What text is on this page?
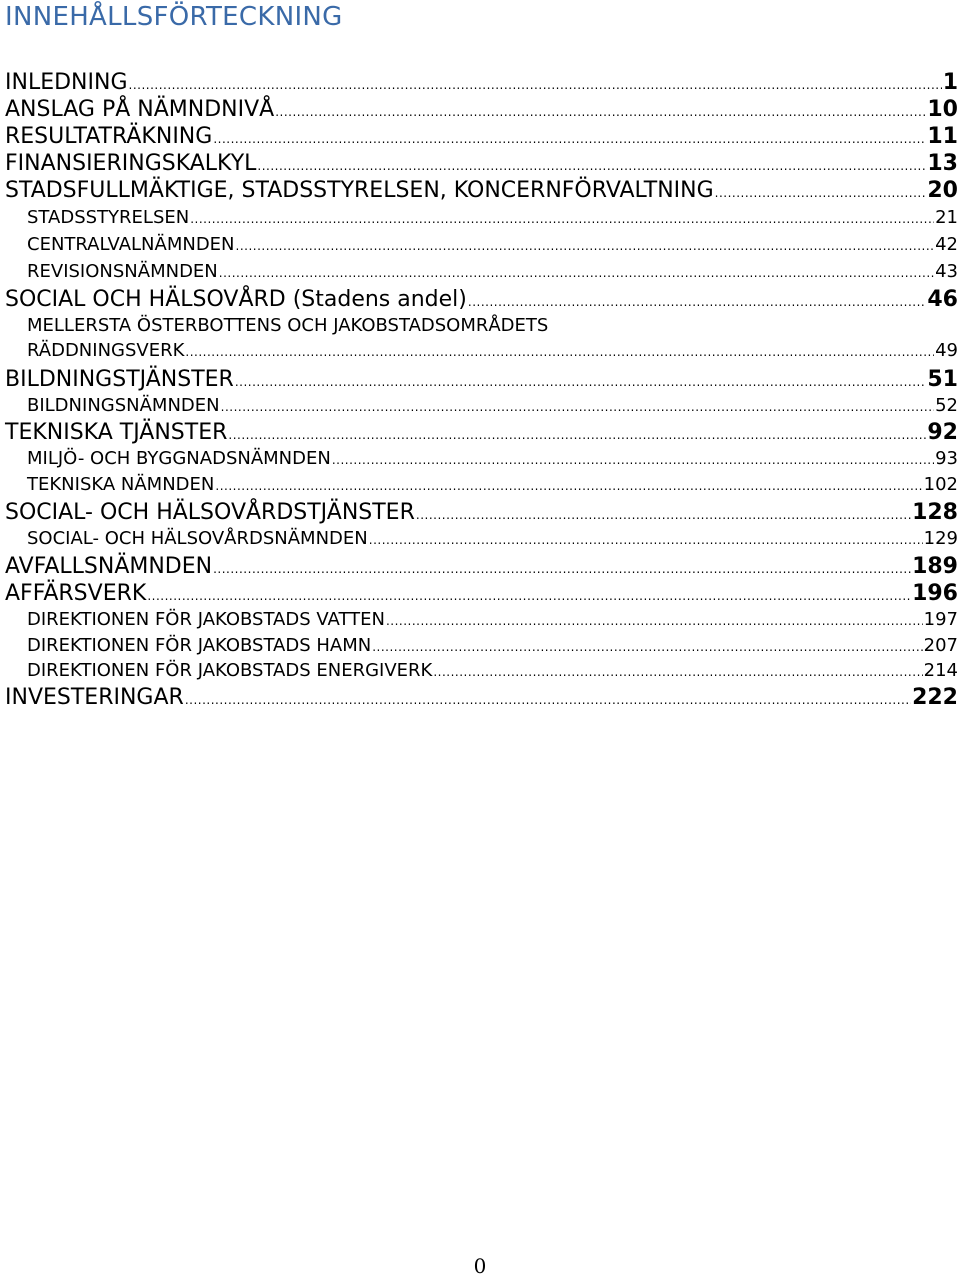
INNEHÅLLSFÖRTECKNING
INLEDNING .....	1
ANSLAG PÅ NÄMNDNIVÅ .....	10
RESULTATRÄKNING .....	11
FINANSIERINGSKALKYL .....	13
STADSFULLMÄKTIGE, STADSSTYRELSEN, KONCERNFÖRVALTNING .....	20
STADSSTYRELSEN .....	21
CENTRALVALNÄMNDEN .....	42
REVISIONSNÄMNDEN .....	43
SOCIAL OCH HÄLSOVÅRD (Stadens andel) .....	46
MELLERSTA ÖSTERBOTTENS OCH JAKOBSTADSOMRÅDETS
RÄDDNINGSVERK .....	49
BILDNINGSTJÄNSTER .....	51
BILDNINGSNÄMNDEN .....	52
TEKNISKA TJÄNSTER .....	92
MILJÖ- OCH BYGGNADSNÄMNDEN .....	93
TEKNISKA NÄMNDEN .....	102
SOCIAL- OCH HÄLSOVÅRDSTJÄNSTER .....	128
SOCIAL- OCH HÄLSOVÅRDSNÄMNDEN .....	129
AVFALLSNÄMNDEN .....	189
AFFÄRSVERK .....	196
DIREKTIONEN FÖR JAKOBSTADS VATTEN .....	197
DIREKTIONEN FÖR JAKOBSTADS HAMN .....	207
DIREKTIONEN FÖR JAKOBSTADS ENERGIVERK .....	214
INVESTERINGAR .....	222
0
